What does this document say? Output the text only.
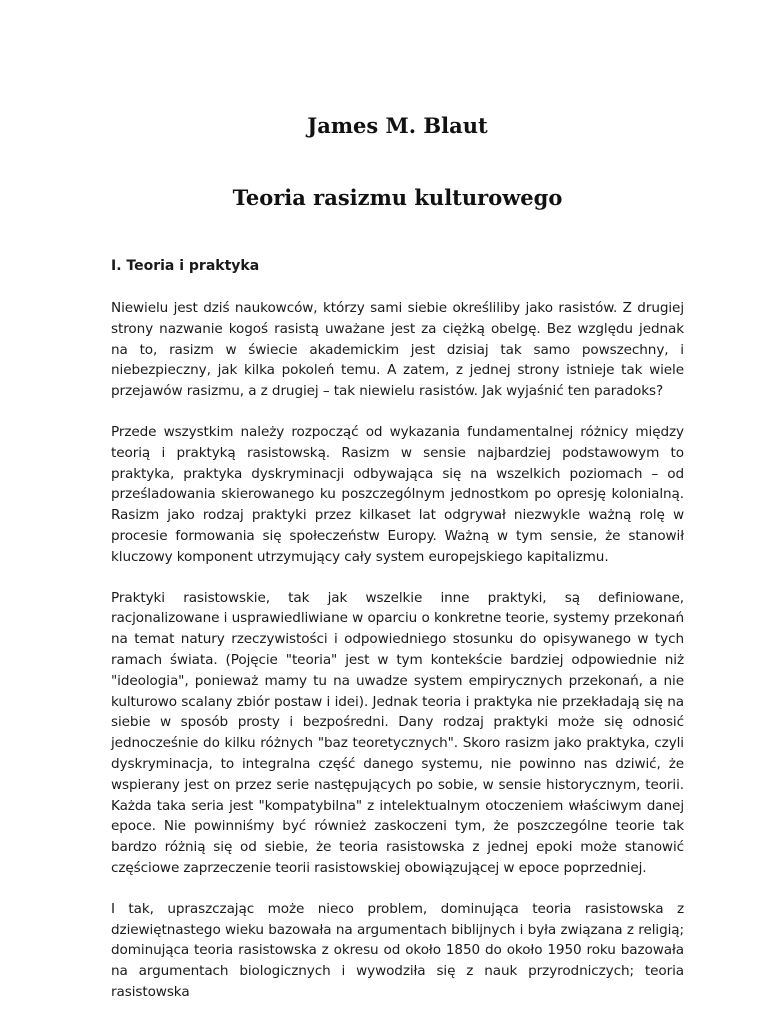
James M. Blaut
Teoria rasizmu kulturowego
I. Teoria i praktyka

Niewielu jest dziś naukowców, którzy sami siebie określiliby jako rasistów. Z drugiej strony nazwanie kogoś rasistą uważane jest za ciężką obelgę. Bez względu jednak na to, rasizm w świecie akademickim jest dzisiaj tak samo powszechny, i niebezpieczny, jak kilka pokoleń temu. A zatem, z jednej strony istnieje tak wiele przejawów rasizmu, a z drugiej – tak niewielu rasistów. Jak wyjaśnić ten paradoks?

Przede wszystkim należy rozpocząć od wykazania fundamentalnej różnicy między teorią i praktyką rasistowską. Rasizm w sensie najbardziej podstawowym to praktyka, praktyka dyskryminacji odbywająca się na wszelkich poziomach – od prześladowania skierowanego ku poszczególnym jednostkom po opresję kolonialną. Rasizm jako rodzaj praktyki przez kilkaset lat odgrywał niezwykle ważną rolę w procesie formowania się społeczeństw Europy. Ważną w tym sensie, że stanowił kluczowy komponent utrzymujący cały system europejskiego kapitalizmu.

Praktyki rasistowskie, tak jak wszelkie inne praktyki, są definiowane, racjonalizowane i usprawiedliwiane w oparciu o konkretne teorie, systemy przekonań na temat natury rzeczywistości i odpowiedniego stosunku do opisywanego w tych ramach świata. (Pojęcie "teoria" jest w tym kontekście bardziej odpowiednie niż "ideologia", ponieważ mamy tu na uwadze system empirycznych przekonań, a nie kulturowo scalany zbiór postaw i idei). Jednak teoria i praktyka nie przekładają się na siebie w sposób prosty i bezpośredni. Dany rodzaj praktyki może się odnosić jednocześnie do kilku różnych "baz teoretycznych". Skoro rasizm jako praktyka, czyli dyskryminacja, to integralna część danego systemu, nie powinno nas dziwić, że wspierany jest on przez serie następujących po sobie, w sensie historycznym, teorii. Każda taka seria jest "kompatybilna" z intelektualnym otoczeniem właściwym danej epoce. Nie powinniśmy być również zaskoczeni tym, że poszczególne teorie tak bardzo różnią się od siebie, że teoria rasistowska z jednej epoki może stanowić częściowe zaprzeczenie teorii rasistowskiej obowiązującej w epoce poprzedniej.

I tak, upraszczając może nieco problem, dominująca teoria rasistowska z dziewiętnastego wieku bazowała na argumentach biblijnych i była związana z religią; dominująca teoria rasistowska z okresu od około 1850 do około 1950 roku bazowała na argumentach biologicznych i wywodziła się z nauk przyrodniczych; teoria rasistowska
